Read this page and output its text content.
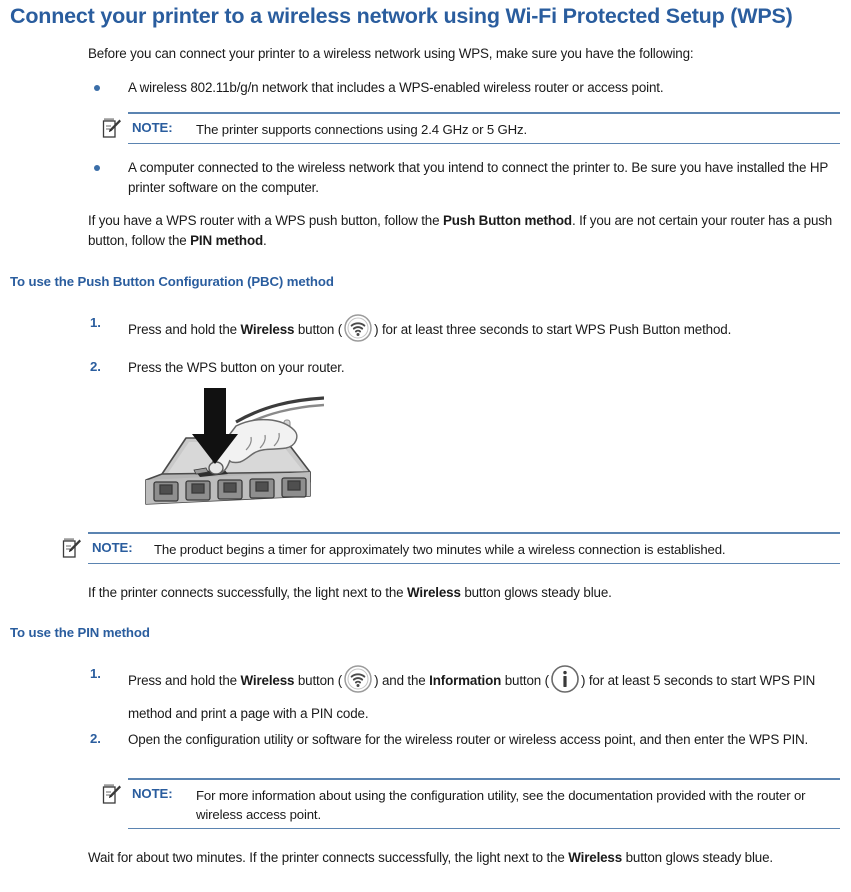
Connect your printer to a wireless network using Wi-Fi Protected Setup (WPS)
Before you can connect your printer to a wireless network using WPS, make sure you have the following:
A wireless 802.11b/g/n network that includes a WPS-enabled wireless router or access point.
NOTE: The printer supports connections using 2.4 GHz or 5 GHz.
A computer connected to the wireless network that you intend to connect the printer to. Be sure you have installed the HP printer software on the computer.
If you have a WPS router with a WPS push button, follow the Push Button method. If you are not certain your router has a push button, follow the PIN method.
To use the Push Button Configuration (PBC) method
1.	Press and hold the Wireless button ( ) for at least three seconds to start WPS Push Button method.
2.	Press the WPS button on your router.
NOTE: The product begins a timer for approximately two minutes while a wireless connection is established.
If the printer connects successfully, the light next to the Wireless button glows steady blue.
To use the PIN method
1.	Press and hold the Wireless button ( ) and the Information button ( ) for at least 5 seconds to start WPS PIN method and print a page with a PIN code.
2.	Open the configuration utility or software for the wireless router or wireless access point, and then enter the WPS PIN.
NOTE: For more information about using the configuration utility, see the documentation provided with the router or wireless access point.
Wait for about two minutes. If the printer connects successfully, the light next to the Wireless button glows steady blue.
